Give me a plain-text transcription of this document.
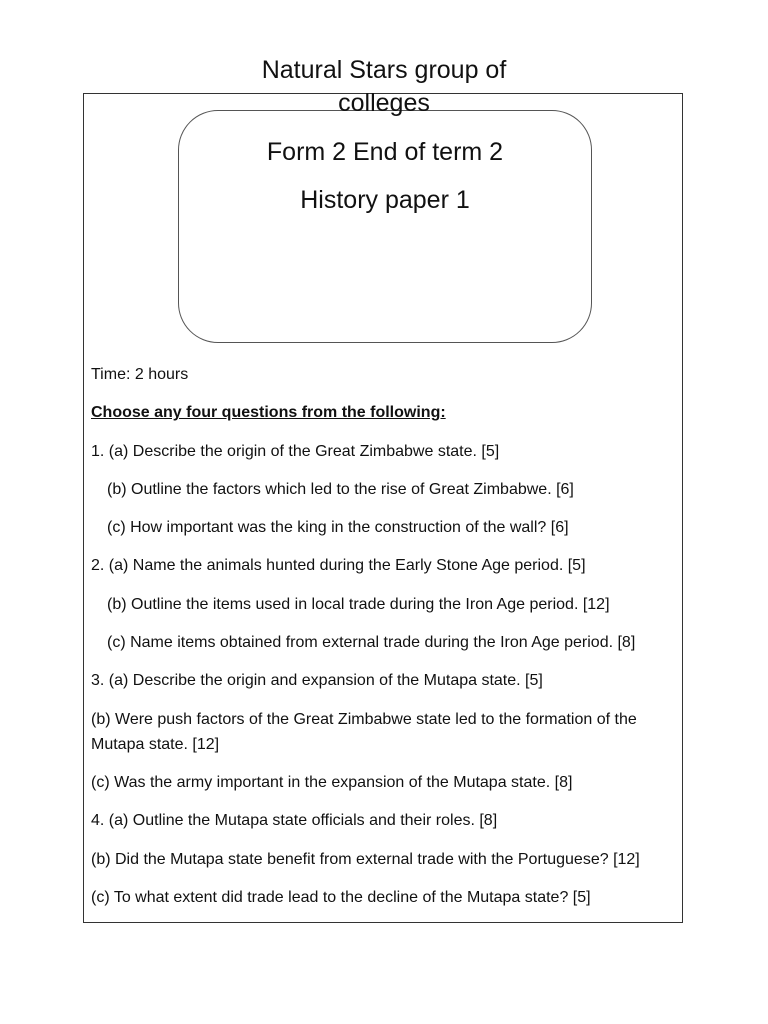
Natural Stars group of colleges

Form 2 End of term 2

History paper 1

Time: 2 hours

Choose any four questions from the following:

1. (a) Describe the origin of the Great Zimbabwe state. [5]

(b) Outline the factors which led to the rise of Great Zimbabwe. [6]

(c) How important was the king in the construction of the wall? [6]

2. (a) Name the animals hunted during the Early Stone Age period. [5]

(b) Outline the items used in local trade during the Iron Age period. [12]

(c) Name items obtained from external trade during the Iron Age period. [8]

3. (a) Describe the origin and expansion of the Mutapa state. [5]

(b) Were push factors of the Great Zimbabwe state led to the formation of the Mutapa state. [12]

(c) Was the army important in the expansion of the Mutapa state. [8]

4. (a) Outline the Mutapa state officials and their roles. [8]

(b) Did the Mutapa state benefit from external trade with the Portuguese? [12]

(c) To what extent did trade lead to the decline of the Mutapa state? [5]
